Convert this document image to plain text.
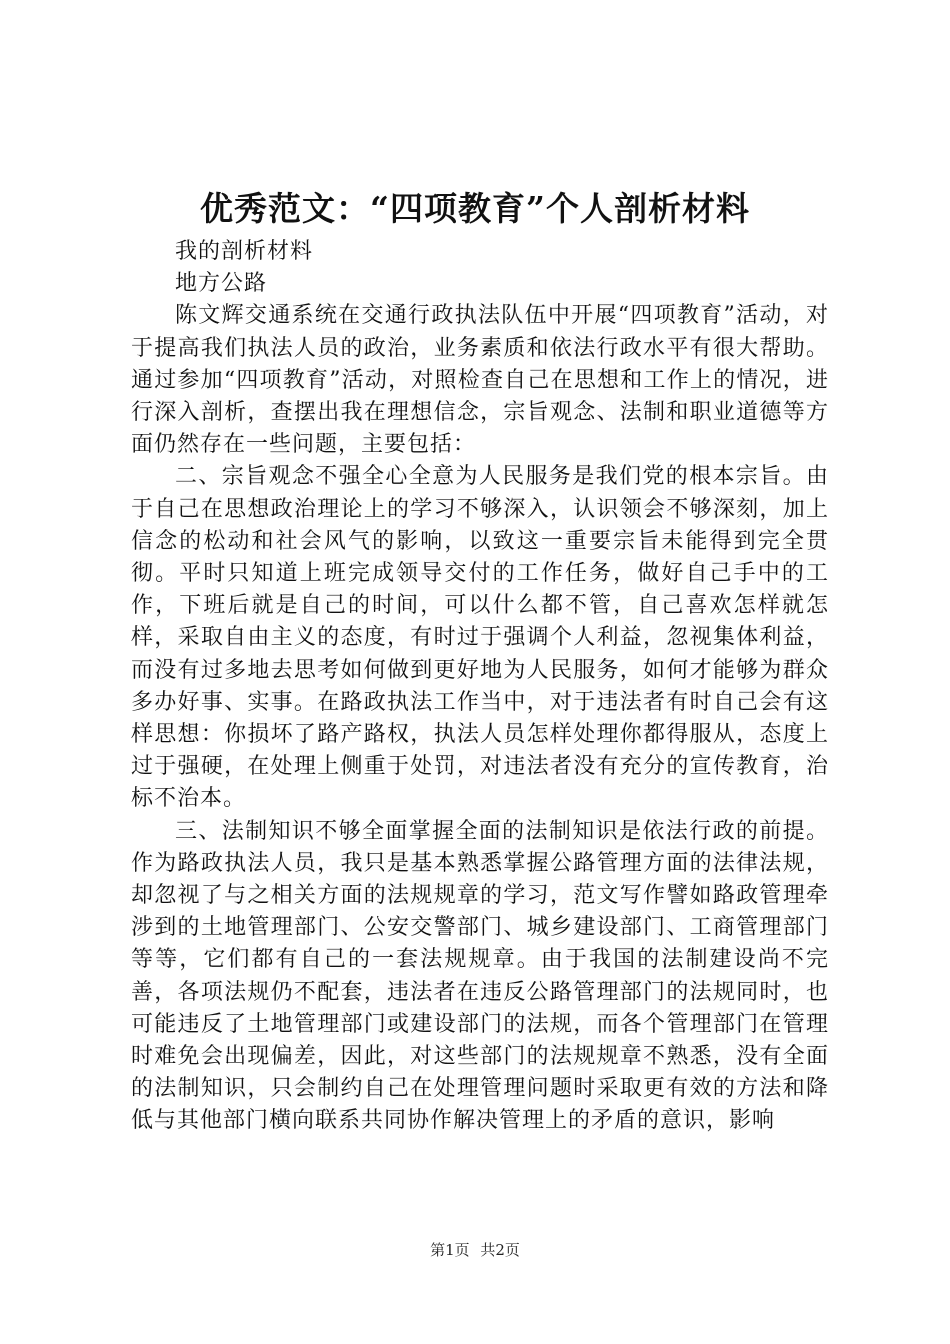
优秀范文：“四项教育”个人剖析材料

我的剖析材料

地方公路

陈文辉交通系统在交通行政执法队伍中开展“四项教育”活动，对于提高我们执法人员的政治，业务素质和依法行政水平有很大帮助。通过参加“四项教育”活动，对照检查自己在思想和工作上的情况，进行深入剖析，查摆出我在理想信念，宗旨观念、法制和职业道德等方面仍然存在一些问题，主要包括：

二、宗旨观念不强全心全意为人民服务是我们党的根本宗旨。由于自己在思想政治理论上的学习不够深入，认识领会不够深刻，加上信念的松动和社会风气的影响，以致这一重要宗旨未能得到完全贯彻。平时只知道上班完成领导交付的工作任务，做好自己手中的工作，下班后就是自己的时间，可以什么都不管，自己喜欢怎样就怎样，采取自由主义的态度，有时过于强调个人利益，忽视集体利益，而没有过多地去思考如何做到更好地为人民服务，如何才能够为群众多办好事、实事。在路政执法工作当中，对于违法者有时自己会有这样思想：你损坏了路产路权，执法人员怎样处理你都得服从，态度上过于强硬，在处理上侧重于处罚，对违法者没有充分的宣传教育，治标不治本。

三、法制知识不够全面掌握全面的法制知识是依法行政的前提。作为路政执法人员，我只是基本熟悉掌握公路管理方面的法律法规，却忽视了与之相关方面的法规规章的学习，范文写作譬如路政管理牵涉到的土地管理部门、公安交警部门、城乡建设部门、工商管理部门等等，它们都有自己的一套法规规章。由于我国的法制建设尚不完善，各项法规仍不配套，违法者在违反公路管理部门的法规同时，也可能违反了土地管理部门或建设部门的法规，而各个管理部门在管理时难免会出现偏差，因此，对这些部门的法规规章不熟悉，没有全面的法制知识，只会制约自己在处理管理问题时采取更有效的方法和降低与其他部门横向联系共同协作解决管理上的矛盾的意识，影响

第1页 共2页
